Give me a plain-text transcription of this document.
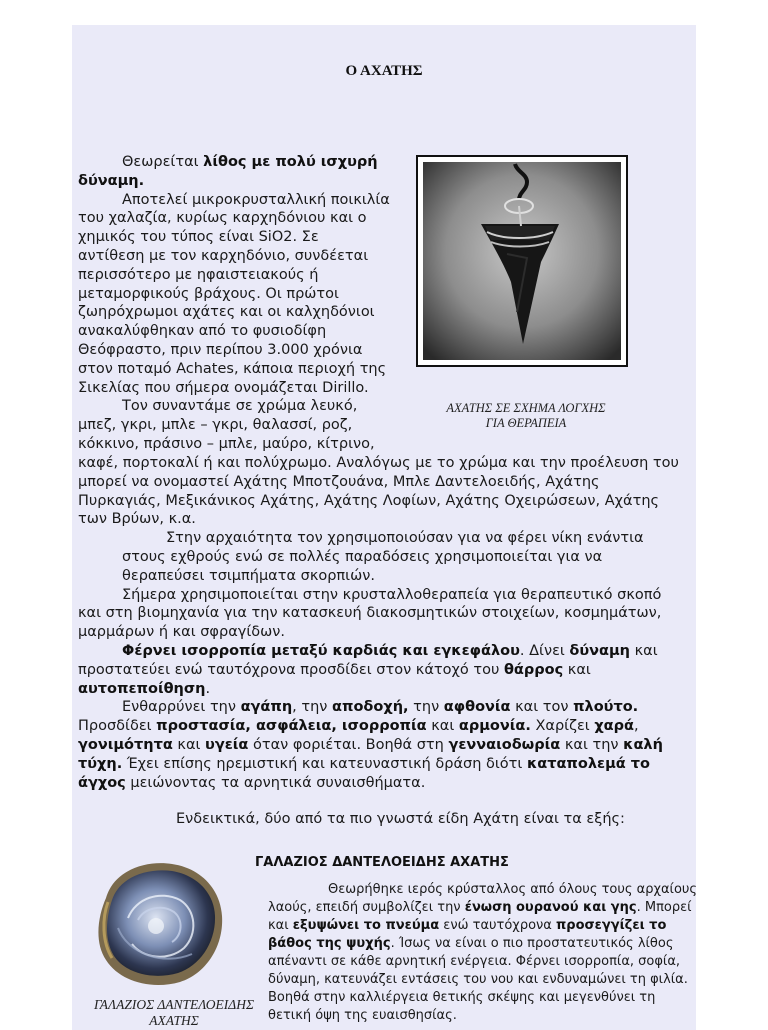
Ο ΑΧΑΤΗΣ
Θεωρείται λίθος με πολύ ισχυρή
δύναμη.
Αποτελεί μικροκρυσταλλική ποικιλία
του χαλαζία, κυρίως καρχηδόνιου και ο
χημικός του τύπος είναι SiO2. Σε
αντίθεση με τον καρχηδόνιο, συνδέεται
περισσότερο με ηφαιστειακούς ή
μεταμορφικούς βράχους. Οι πρώτοι
ζωηρόχρωμοι αχάτες και οι καλχηδόνιοι
ανακαλύφθηκαν από το φυσιοδίφη
Θεόφραστο, πριν περίπου 3.000 χρόνια
στον ποταμό Achates, κάποια περιοχή της
Σικελίας που σήμερα ονομάζεται Dirillo.
Τον συναντάμε σε χρώμα λευκό,
μπεζ, γκρι, μπλε – γκρι, θαλασσί, ροζ,
κόκκινο, πράσινο – μπλε, μαύρο, κίτρινο,
ΑΧΑΤΗΣ ΣΕ ΣΧΗΜΑ ΛΟΓΧΗΣ
ΓΙΑ ΘΕΡΑΠΕΙΑ
καφέ, πορτοκαλί ή και πολύχρωμο. Αναλόγως με το χρώμα και την προέλευση του μπορεί να ονομαστεί Αχάτης Μποτζουάνα, Μπλε Δαντελοειδής, Αχάτης Πυρκαγιάς, Μεξικάνικος Αχάτης, Αχάτης Λοφίων, Αχάτης Οχειρώσεων, Αχάτης των Βρύων, κ.α.
Στην αρχαιότητα τον χρησιμοποιούσαν για να φέρει νίκη ενάντια στους εχθρούς ενώ σε πολλές παραδόσεις χρησιμοποιείται για να θεραπεύσει τσιμπήματα σκορπιών.
Σήμερα χρησιμοποιείται στην κρυσταλλοθεραπεία για θεραπευτικό σκοπό και στη βιομηχανία για την κατασκευή διακοσμητικών στοιχείων, κοσμημάτων, μαρμάρων ή και σφραγίδων.
Φέρνει ισορροπία μεταξύ καρδιάς και εγκεφάλου. Δίνει δύναμη και προστατεύει ενώ ταυτόχρονα προσδίδει στον κάτοχό του θάρρος και αυτοπεποίθηση.
Ενθαρρύνει την αγάπη, την αποδοχή, την αφθονία και τον πλούτο. Προσδίδει προστασία, ασφάλεια, ισορροπία και αρμονία. Χαρίζει χαρά, γονιμότητα και υγεία όταν φοριέται. Βοηθά στη γενναιοδωρία και την καλή τύχη. Έχει επίσης ηρεμιστική και κατευναστική δράση διότι καταπολεμά το άγχος μειώνοντας τα αρνητικά συναισθήματα.
Ενδεικτικά, δύο από τα πιο γνωστά είδη Αχάτη είναι τα εξής:
ΓΑΛΑΖΙΟΣ ΔΑΝΤΕΛΟΕΙΔΗΣ ΑΧΑΤΗΣ
ΓΑΛΑΖΙΟΣ ΔΑΝΤΕΛΟΕΙΔΗΣ
ΑΧΑΤΗΣ
Θεωρήθηκε ιερός κρύσταλλος από όλους τους αρχαίους λαούς, επειδή συμβολίζει την ένωση ουρανού και γης. Μπορεί και εξυψώνει το πνεύμα ενώ ταυτόχρονα προσεγγίζει το βάθος της ψυχής. Ίσως να είναι ο πιο προστατευτικός λίθος απέναντι σε κάθε αρνητική ενέργεια. Φέρνει ισορροπία, σοφία, δύναμη, κατευνάζει εντάσεις του νου και ενδυναμώνει τη φιλία. Βοηθά στην καλλιέργεια θετικής σκέψης και μεγενθύνει τη θετική όψη της ευαισθησίας.
